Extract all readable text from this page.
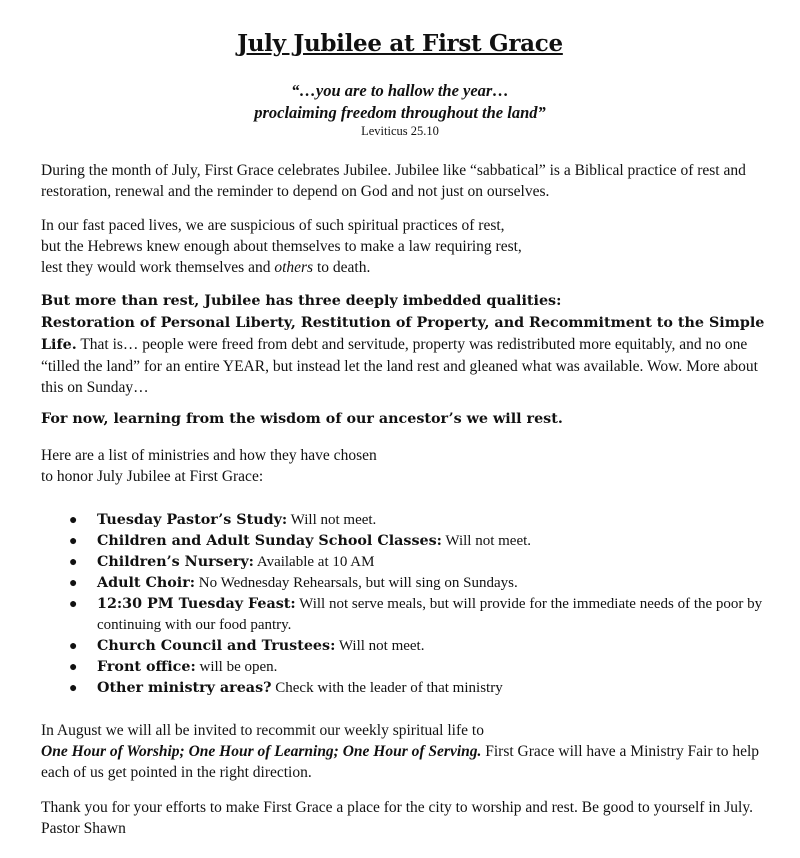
July Jubilee at First Grace
“…you are to hallow the year…
proclaiming freedom throughout the land”
Leviticus 25.10
During the month of July, First Grace celebrates Jubilee. Jubilee like “sabbatical” is a Biblical practice of rest and restoration, renewal and the reminder to depend on God and not just on ourselves.
In our fast paced lives, we are suspicious of such spiritual practices of rest,
but the Hebrews knew enough about themselves to make a law requiring rest,
lest they would work themselves and others to death.
But more than rest, Jubilee has three deeply imbedded qualities:
Restoration of Personal Liberty, Restitution of Property, and Recommitment to the Simple Life. That is… people were freed from debt and servitude, property was redistributed more equitably, and no one “tilled the land” for an entire YEAR, but instead let the land rest and gleaned what was available. Wow. More about this on Sunday…
For now, learning from the wisdom of our ancestor’s we will rest.
Here are a list of ministries and how they have chosen
to honor July Jubilee at First Grace:
● Tuesday Pastor’s Study: Will not meet.
● Children and Adult Sunday School Classes: Will not meet.
● Children’s Nursery: Available at 10 AM
● Adult Choir: No Wednesday Rehearsals, but will sing on Sundays.
● 12:30 PM Tuesday Feast: Will not serve meals, but will provide for the immediate needs of the poor by continuing with our food pantry.
● Church Council and Trustees: Will not meet.
● Front office: will be open.
● Other ministry areas? Check with the leader of that ministry
In August we will all be invited to recommit our weekly spiritual life to
One Hour of Worship; One Hour of Learning; One Hour of Serving. First Grace will have a Ministry Fair to help each of us get pointed in the right direction.
Thank you for your efforts to make First Grace a place for the city to worship and rest. Be good to yourself in July. Pastor Shawn
